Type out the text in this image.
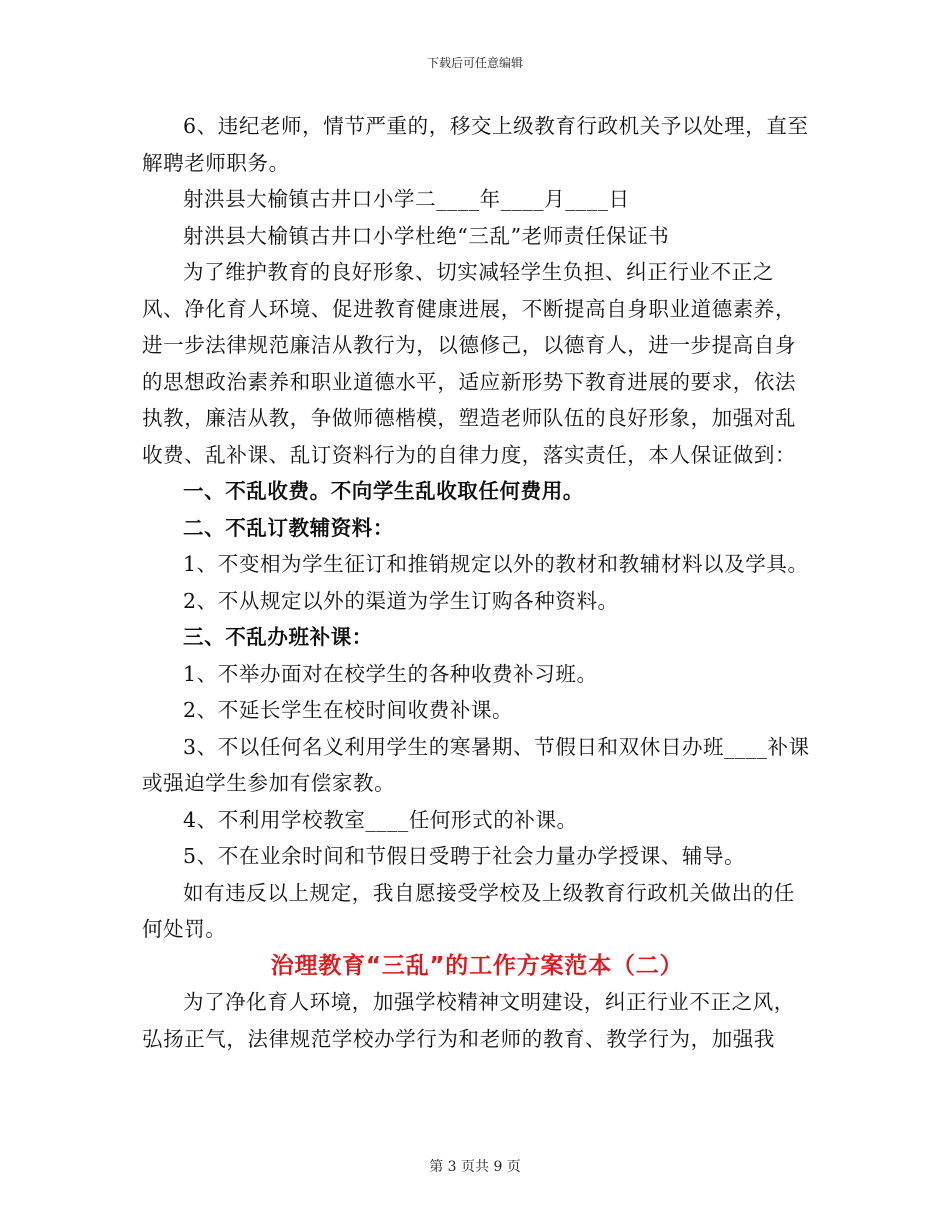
下载后可任意编辑

6、违纪老师，情节严重的，移交上级教育行政机关予以处理，直至解聘老师职务。

射洪县大榆镇古井口小学二____年____月____日

射洪县大榆镇古井口小学杜绝“三乱”老师责任保证书

为了维护教育的良好形象、切实减轻学生负担、纠正行业不正之风、净化育人环境、促进教育健康进展，不断提高自身职业道德素养，进一步法律规范廉洁从教行为，以德修己，以德育人，进一步提高自身的思想政治素养和职业道德水平，适应新形势下教育进展的要求，依法执教，廉洁从教，争做师德楷模，塑造老师队伍的良好形象，加强对乱收费、乱补课、乱订资料行为的自律力度，落实责任，本人保证做到：

一、不乱收费。不向学生乱收取任何费用。

二、不乱订教辅资料：

1、不变相为学生征订和推销规定以外的教材和教辅材料以及学具。

2、不从规定以外的渠道为学生订购各种资料。

三、不乱办班补课：

1、不举办面对在校学生的各种收费补习班。

2、不延长学生在校时间收费补课。

3、不以任何名义利用学生的寒暑期、节假日和双休日办班____补课或强迫学生参加有偿家教。

4、不利用学校教室____任何形式的补课。

5、不在业余时间和节假日受聘于社会力量办学授课、辅导。

如有违反以上规定，我自愿接受学校及上级教育行政机关做出的任何处罚。

治理教育“三乱”的工作方案范本（二）

为了净化育人环境，加强学校精神文明建设，纠正行业不正之风，弘扬正气，法律规范学校办学行为和老师的教育、教学行为，加强我

第 3 页共 9 页
